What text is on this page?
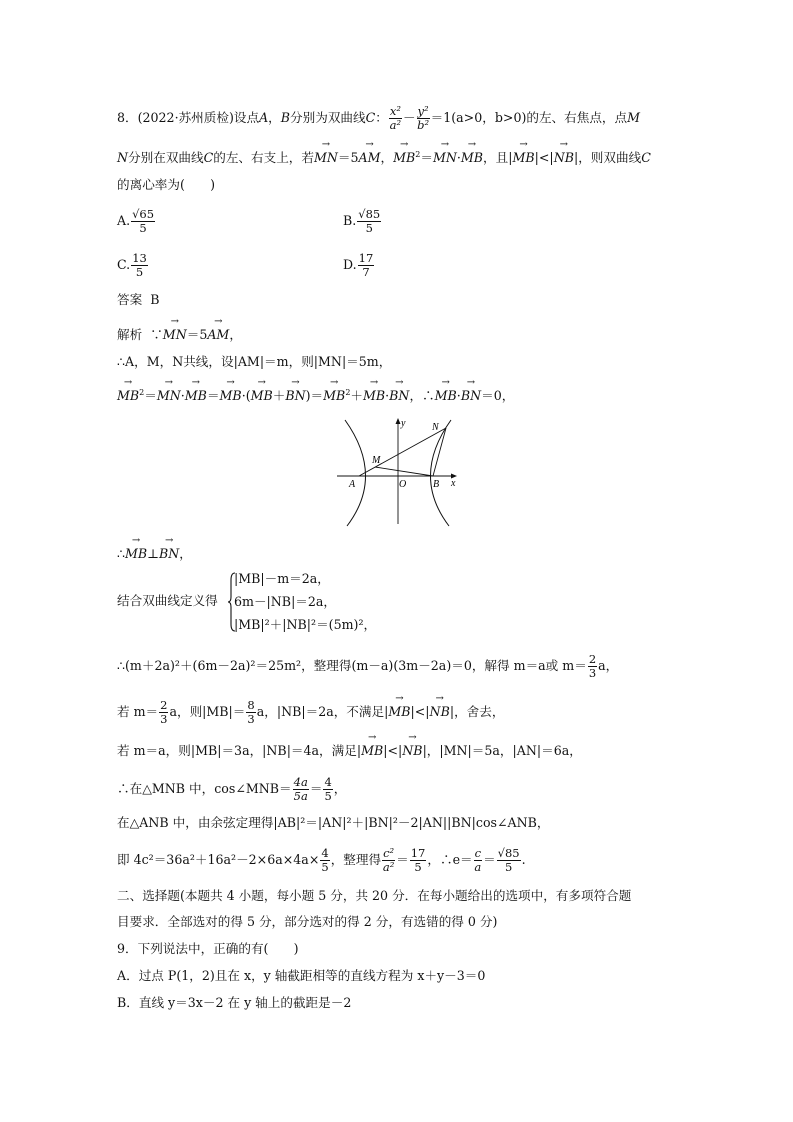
8．(2022·苏州质检)设点A，B分别为双曲线C： $\frac{\text{x²}}{\text{a²}} - \frac{\text{y²}}{\text{b²}} =1(a>0$，b>0)的左、右焦点，点M
N分别在双曲线C的左、右支上，若→ MN＝5→ AM，→ $MB^2=\to MN\cdot\to$ MB，且|→ MB|<|→ NB|，则双曲线C
的离心率为(　　)
A. $\frac{√65}{5}$	B. $\frac{√85}{5}$
C. $\frac{13}{5}$	D. $\frac{17}{7}$
答案 B
解析 ∵→ MN＝5→ AM，
∴A，M，N共线，设|AM|＝m，则|MN|＝5m，
→ $MB^2=\to MN\cdot\to MB=\to MB\cdot(\to MB+\to BN)=\to MB^2+\to MB\cdot\to$ BN，∴→ MB·→ BN＝0，
y
x
N
M
A	O	B
∴→ MB⊥→ BN，
结合双曲线定义得
|MB|－m＝2a，
6m－|NB|＝2a，
|MB|²＋|NB|²＝(5m)²，
∴(m＋2a)²＋(6m－2a)²＝25m²，整理得(m－a)(3m－2a)＝0，解得 m＝a或 $m= \frac{2}{3}$ a，
若 $m= \frac{2}{3}$ a，则$|MB|= \frac{8}{3}$ a，|NB|＝2a，不满足|→ MB|<|→ NB|，舍去，
若 m＝a，则|MB|＝3a，|NB|＝4a，满足|→ MB|<|→ NB|，|MN|＝5a，|AN|＝6a，
∴在△MNB 中，cos∠MNB＝ $\frac{4a}{5a} = \frac{4}{5}$ ，
在△ANB 中，由余弦定理得|AB|²＝|AN|²＋|BN|²－2|AN||BN|cos∠ANB，
即 $4c^2=36a^2+16a^2-2\times 6a\times 4a\times \frac{4}{5}$ ，整理得 $\frac{\text{c²}}{\text{a²}} = \frac{17}{5}$ ，∴e＝ $\frac{c}{a} = \frac{√85}{5}$ .
二、选择题(本题共 4 小题，每小题 5 分，共 20 分．在每小题给出的选项中，有多项符合题
目要求．全部选对的得 5 分，部分选对的得 2 分，有选错的得 0 分)
9．下列说法中，正确的有(　　)
A．过点 P(1，2)且在 x，y 轴截距相等的直线方程为 x＋y－3＝0
B．直线 y＝3x－2 在 y 轴上的截距是－2
